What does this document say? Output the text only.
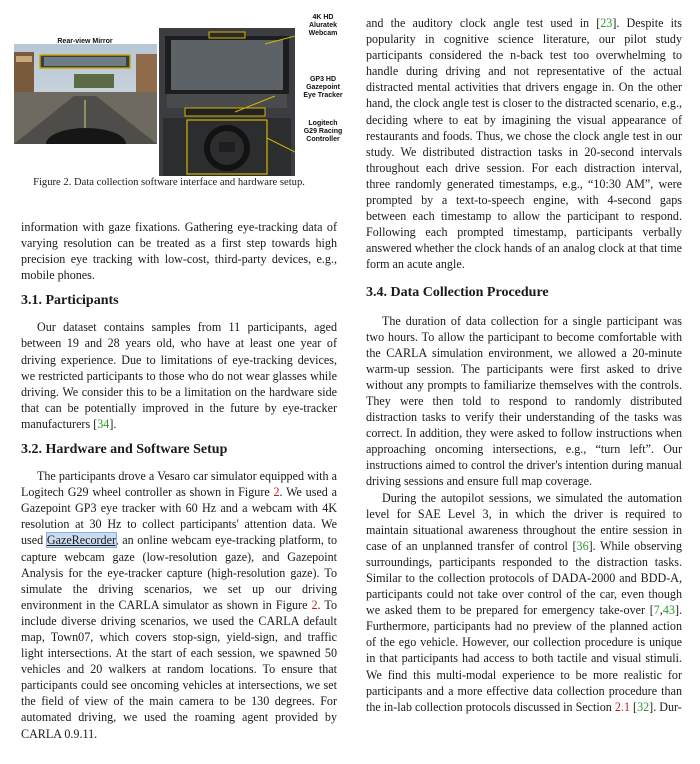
Rear-view Mirror
4K HD
Aluratek
Webcam
GP3 HD
Gazepoint
Eye Tracker
Logitech
G29 Racing
Controller
Figure 2. Data collection software interface and hardware setup.

information with gaze fixations. Gathering eye-tracking data of varying resolution can be treated as a first step towards high precision eye tracking with low-cost, third-party devices, e.g., mobile phones.

3.1. Participants

Our dataset contains samples from 11 participants, aged between 19 and 28 years old, who have at least one year of driving experience. Due to limitations of eye-tracking devices, we restricted participants to those who do not wear glasses while driving. We consider this to be a limitation on the hardware side that can be potentially improved in the future by eye-tracker manufacturers [34].

3.2. Hardware and Software Setup

The participants drove a Vesaro car simulator equipped with a Logitech G29 wheel controller as shown in Figure 2. We used a Gazepoint GP3 eye tracker with 60 Hz and a webcam with 4K resolution at 30 Hz to collect participants' attention data. We used GazeRecorder, an online webcam eye-tracking platform, to capture webcam gaze (low-resolution gaze), and Gazepoint Analysis for the eye-tracker capture (high-resolution gaze). To simulate the driving scenarios, we set up our driving environment in the CARLA simulator as shown in Figure 2. To include diverse driving scenarios, we used the CARLA default map, Town07, which covers stop-sign, yield-sign, and traffic light intersections. At the start of each session, we spawned 50 vehicles and 20 walkers at random locations. To ensure that participants could see oncoming vehicles at intersections, we set the field of view of the main camera to be 130 degrees. For automated driving, we used the roaming agent provided by CARLA 0.9.11.

and the auditory clock angle test used in [23]. Despite its popularity in cognitive science literature, our pilot study participants considered the n-back test too overwhelming to handle during driving and not representative of the actual distracted mental activities that drivers engage in. On the other hand, the clock angle test is closer to the distracted scenario, e.g., deciding where to eat by imagining the visual appearance of restaurants and foods. Thus, we chose the clock angle test in our study. We distributed distraction tasks in 20-second intervals throughout each drive session. For each distraction interval, three randomly generated timestamps, e.g., “10:30 AM”, were prompted by a text-to-speech engine, with 4-second gaps between each timestamp to allow the participant to respond. Following each prompted timestamp, participants verbally answered whether the clock hands of an analog clock at that time form an acute angle.

3.4. Data Collection Procedure

The duration of data collection for a single participant was two hours. To allow the participant to become comfortable with the CARLA simulation environment, we allowed a 20-minute warm-up session. The participants were first asked to drive without any prompts to familiarize themselves with the controls. They were then told to respond to randomly distributed distraction tasks to verify their understanding of the tasks was correct. In addition, they were asked to follow instructions when approaching oncoming intersections, e.g., “turn left”. Our instructions aimed to control the driver's intention during manual driving sessions and ensure full map coverage.

During the autopilot sessions, we simulated the automation level for SAE Level 3, in which the driver is required to maintain situational awareness throughout the entire session in case of an unplanned transfer of control [36]. While observing surroundings, participants responded to the distraction tasks. Similar to the collection protocols of DADA-2000 and BDD-A, participants could not take over control of the car, even though we asked them to be prepared for emergency take-over [7,43]. Furthermore, participants had no preview of the planned action of the ego vehicle. However, our collection procedure is unique in that participants had access to both tactile and visual stimuli. We find this multi-modal experience to be more realistic for participants and a more effective data collection procedure than the in-lab collection protocols discussed in Section 2.1 [32]. Dur-
